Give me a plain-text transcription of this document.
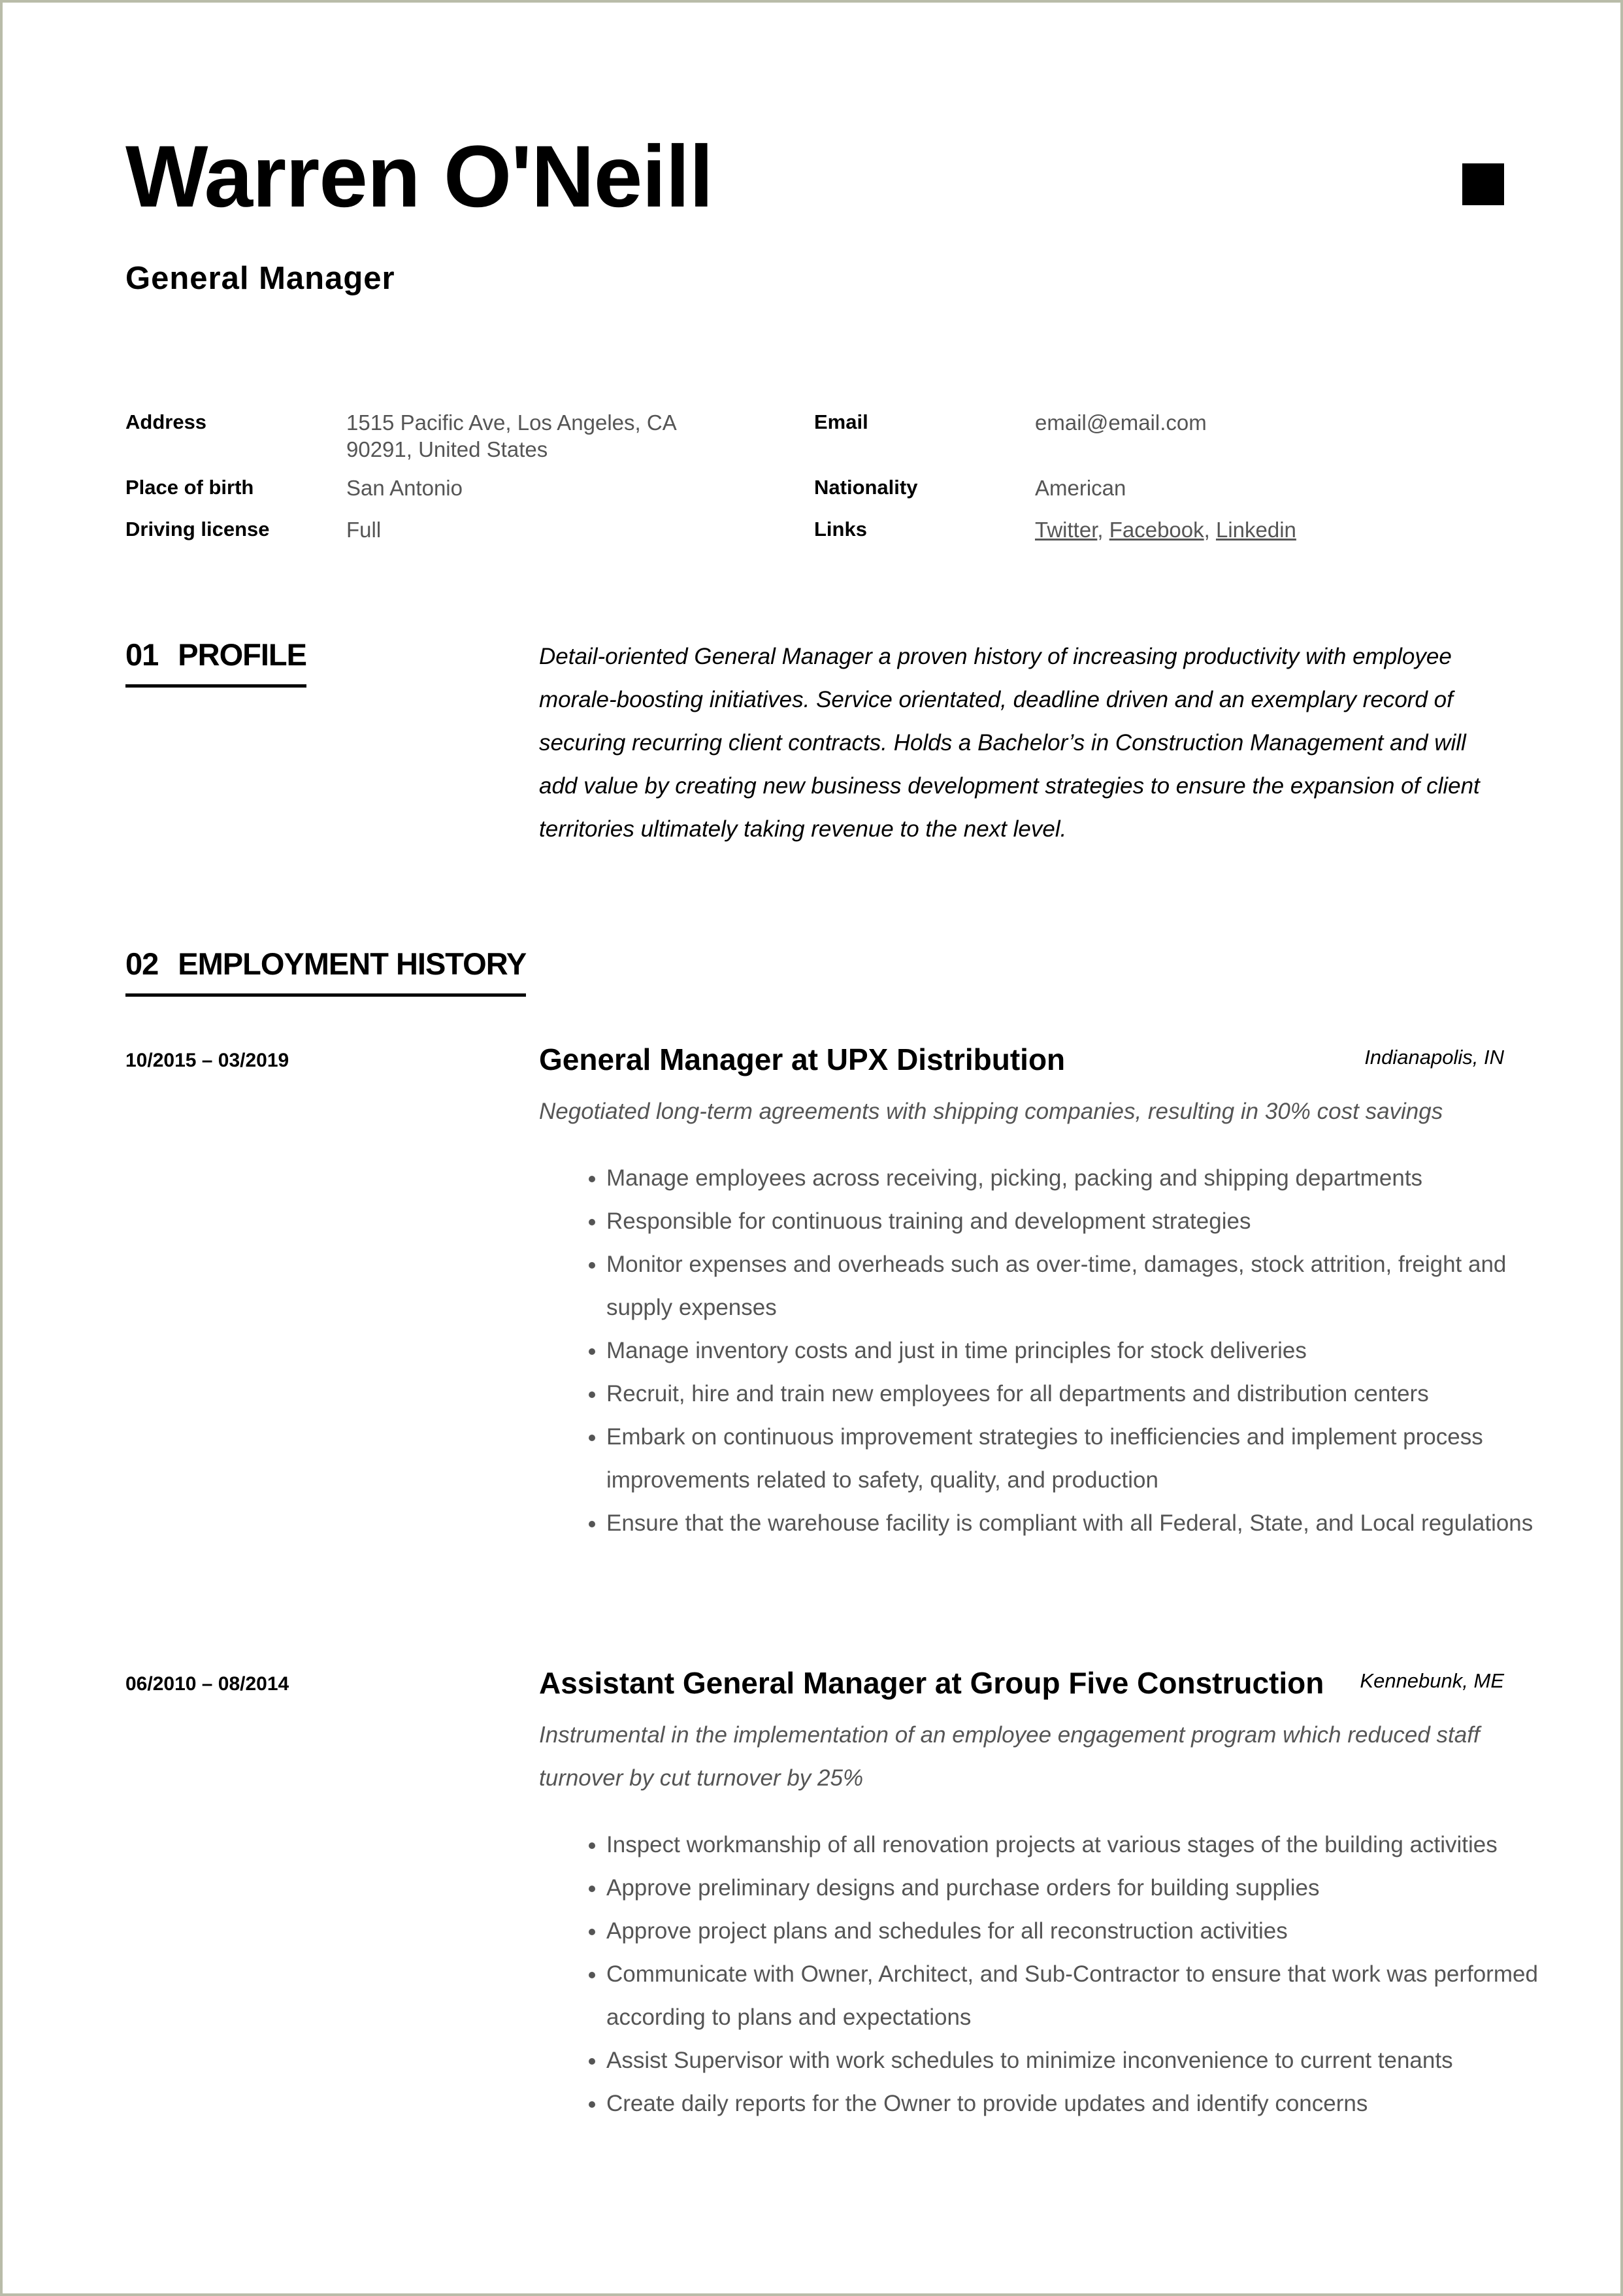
Warren O'Neill
General Manager
Address	1515 Pacific Ave, Los Angeles, CA 90291, United States
Place of birth	San Antonio
Driving license	Full
Email	email@email.com
Nationality	American
Links	Twitter, Facebook, Linkedin
01 PROFILE	Detail-oriented General Manager a proven history of increasing productivity with employee morale-boosting initiatives. Service orientated, deadline driven and an exemplary record of securing recurring client contracts. Holds a Bachelor’s in Construction Management and will add value by creating new business development strategies to ensure the expansion of client territories ultimately taking revenue to the next level.
02 EMPLOYMENT HISTORY
10/2015 – 03/2019	General Manager at UPX Distribution	Indianapolis, IN
Negotiated long-term agreements with shipping companies, resulting in 30% cost savings
• Manage employees across receiving, picking, packing and shipping departments
• Responsible for continuous training and development strategies
• Monitor expenses and overheads such as over-time, damages, stock attrition, freight and supply expenses
• Manage inventory costs and just in time principles for stock deliveries
• Recruit, hire and train new employees for all departments and distribution centers
• Embark on continuous improvement strategies to inefficiencies and implement process improvements related to safety, quality, and production
• Ensure that the warehouse facility is compliant with all Federal, State, and Local regulations
06/2010 – 08/2014	Assistant General Manager at Group Five Construction Kennebunk, ME
Instrumental in the implementation of an employee engagement program which reduced staff turnover by cut turnover by 25%
• Inspect workmanship of all renovation projects at various stages of the building activities
• Approve preliminary designs and purchase orders for building supplies
• Approve project plans and schedules for all reconstruction activities
• Communicate with Owner, Architect, and Sub-Contractor to ensure that work was performed according to plans and expectations
• Assist Supervisor with work schedules to minimize inconvenience to current tenants
• Create daily reports for the Owner to provide updates and identify concerns
